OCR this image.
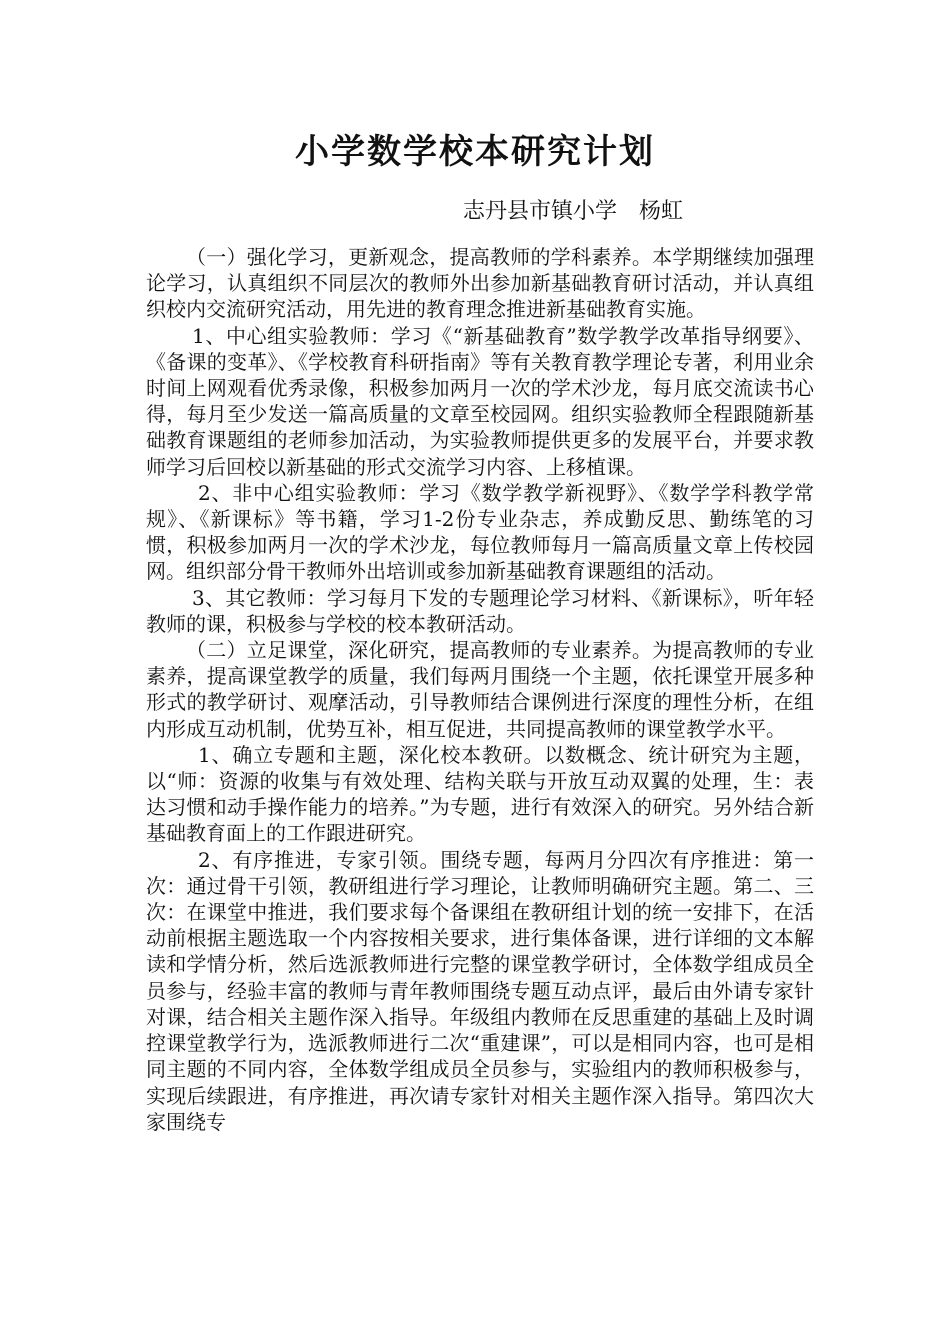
小学数学校本研究计划
志丹县市镇小学　杨虹

（一）强化学习，更新观念，提高教师的学科素养。本学期继续加强理论学习，认真组织不同层次的教师外出参加新基础教育研讨活动，并认真组织校内交流研究活动，用先进的教育理念推进新基础教育实施。

1、中心组实验教师：学习《“新基础教育”数学教学改革指导纲要》、《备课的变革》、《学校教育科研指南》等有关教育教学理论专著，利用业余时间上网观看优秀录像，积极参加两月一次的学术沙龙，每月底交流读书心得，每月至少发送一篇高质量的文章至校园网。组织实验教师全程跟随新基础教育课题组的老师参加活动，为实验教师提供更多的发展平台，并要求教师学习后回校以新基础的形式交流学习内容、上移植课。

2、非中心组实验教师：学习《数学教学新视野》、《数学学科教学常规》、《新课标》等书籍，学习1-2份专业杂志，养成勤反思、勤练笔的习惯，积极参加两月一次的学术沙龙，每位教师每月一篇高质量文章上传校园网。组织部分骨干教师外出培训或参加新基础教育课题组的活动。

3、其它教师：学习每月下发的专题理论学习材料、《新课标》，听年轻教师的课，积极参与学校的校本教研活动。

（二）立足课堂，深化研究，提高教师的专业素养。为提高教师的专业素养，提高课堂教学的质量，我们每两月围绕一个主题，依托课堂开展多种形式的教学研讨、观摩活动，引导教师结合课例进行深度的理性分析，在组内形成互动机制，优势互补，相互促进，共同提高教师的课堂教学水平。

1、确立专题和主题，深化校本教研。以数概念、统计研究为主题，以“师：资源的收集与有效处理、结构关联与开放互动双翼的处理，生：表达习惯和动手操作能力的培养。”为专题，进行有效深入的研究。另外结合新基础教育面上的工作跟进研究。

2、有序推进，专家引领。围绕专题，每两月分四次有序推进：第一次：通过骨干引领，教研组进行学习理论，让教师明确研究主题。第二、三次：在课堂中推进，我们要求每个备课组在教研组计划的统一安排下，在活动前根据主题选取一个内容按相关要求，进行集体备课，进行详细的文本解读和学情分析，然后选派教师进行完整的课堂教学研讨，全体数学组成员全员参与，经验丰富的教师与青年教师围绕专题互动点评，最后由外请专家针对课，结合相关主题作深入指导。年级组内教师在反思重建的基础上及时调控课堂教学行为，选派教师进行二次“重建课”，可以是相同内容，也可是相同主题的不同内容，全体数学组成员全员参与，实验组内的教师积极参与，实现后续跟进，有序推进，再次请专家针对相关主题作深入指导。第四次大家围绕专
